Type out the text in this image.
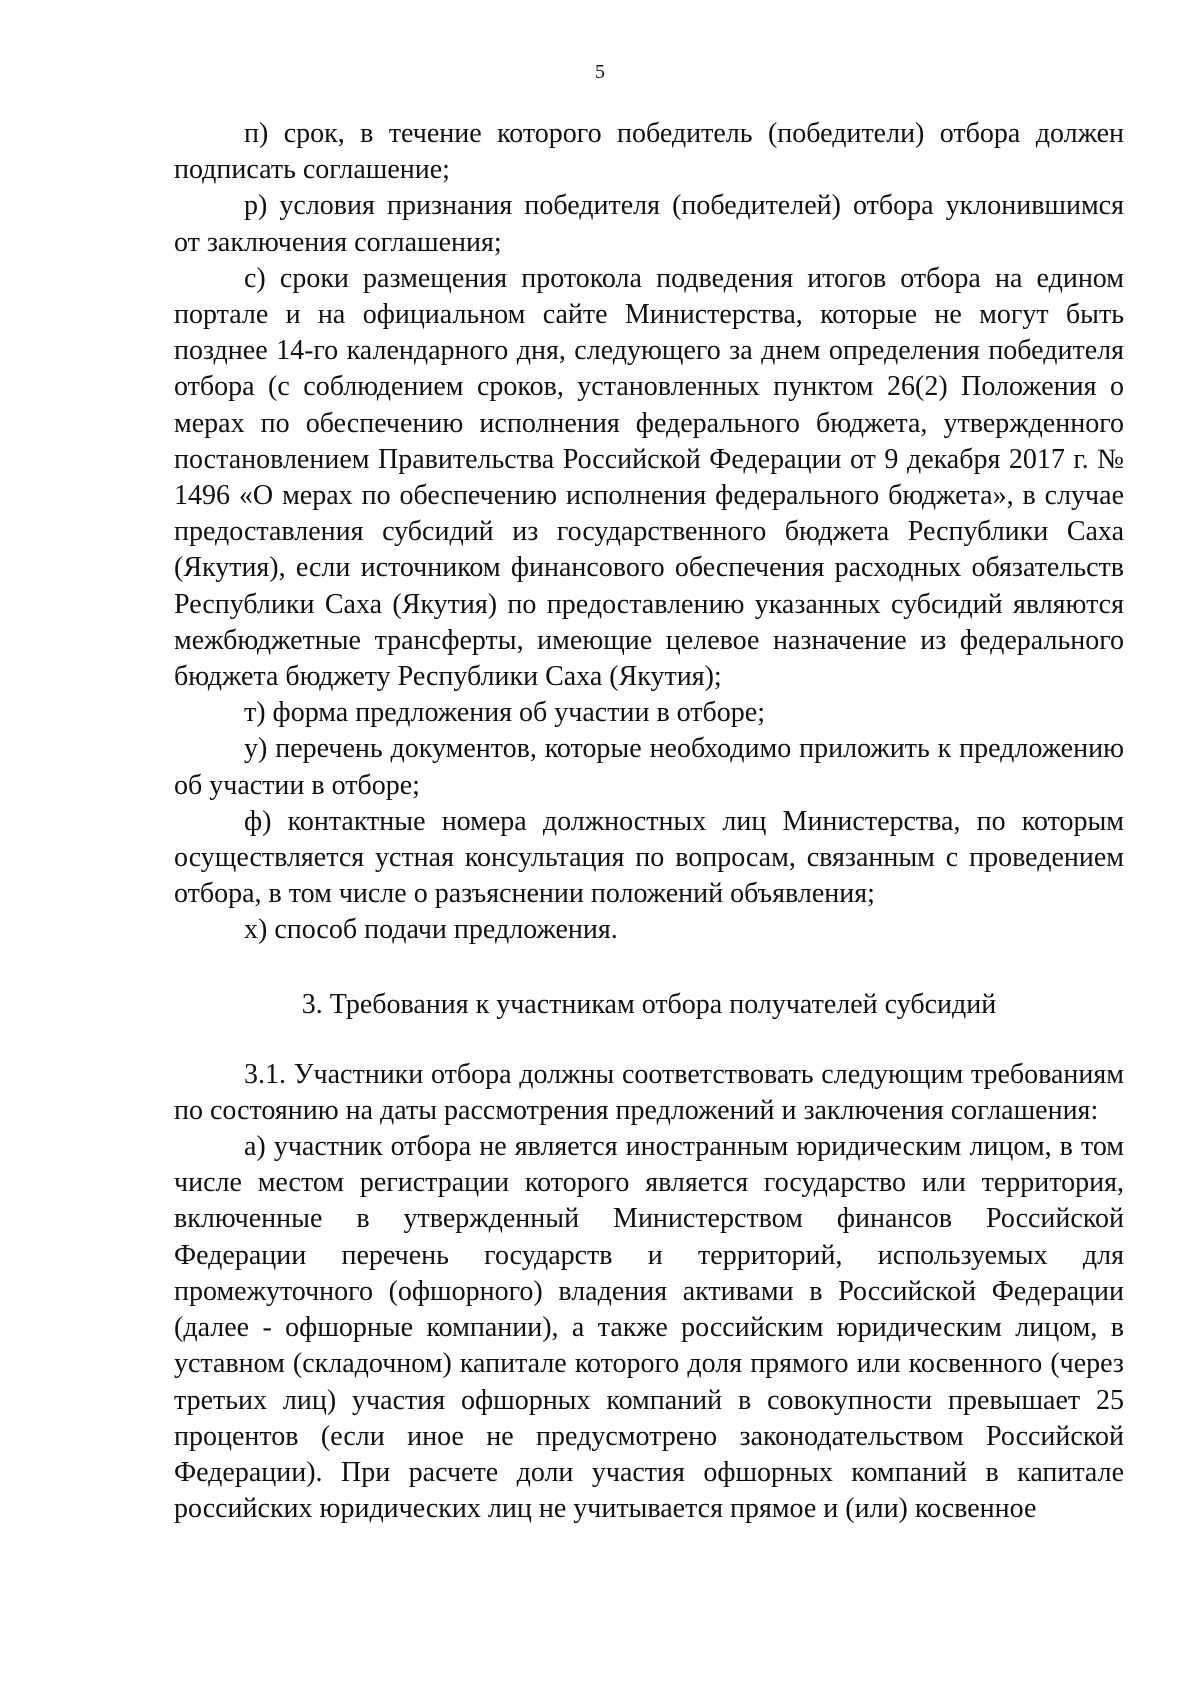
5

п) срок, в течение которого победитель (победители) отбора должен подписать соглашение;

р) условия признания победителя (победителей) отбора уклонившимся от заключения соглашения;

с) сроки размещения протокола подведения итогов отбора на едином портале и на официальном сайте Министерства, которые не могут быть позднее 14-го календарного дня, следующего за днем определения победителя отбора (с соблюдением сроков, установленных пунктом 26(2) Положения о мерах по обеспечению исполнения федерального бюджета, утвержденного постановлением Правительства Российской Федерации от 9 декабря 2017 г. № 1496 «О мерах по обеспечению исполнения федерального бюджета», в случае предоставления субсидий из государственного бюджета Республики Саха (Якутия), если источником финансового обеспечения расходных обязательств Республики Саха (Якутия) по предоставлению указанных субсидий являются межбюджетные трансферты, имеющие целевое назначение из федерального бюджета бюджету Республики Саха (Якутия);

т) форма предложения об участии в отборе;

у) перечень документов, которые необходимо приложить к предложению об участии в отборе;

ф) контактные номера должностных лиц Министерства, по которым осуществляется устная консультация по вопросам, связанным с проведением отбора, в том числе о разъяснении положений объявления;

х) способ подачи предложения.

3. Требования к участникам отбора получателей субсидий

3.1. Участники отбора должны соответствовать следующим требованиям по состоянию на даты рассмотрения предложений и заключения соглашения:

а) участник отбора не является иностранным юридическим лицом, в том числе местом регистрации которого является государство или территория, включенные в утвержденный Министерством финансов Российской Федерации перечень государств и территорий, используемых для промежуточного (офшорного) владения активами в Российской Федерации (далее - офшорные компании), а также российским юридическим лицом, в уставном (складочном) капитале которого доля прямого или косвенного (через третьих лиц) участия офшорных компаний в совокупности превышает 25 процентов (если иное не предусмотрено законодательством Российской Федерации). При расчете доли участия офшорных компаний в капитале российских юридических лиц не учитывается прямое и (или) косвенное
